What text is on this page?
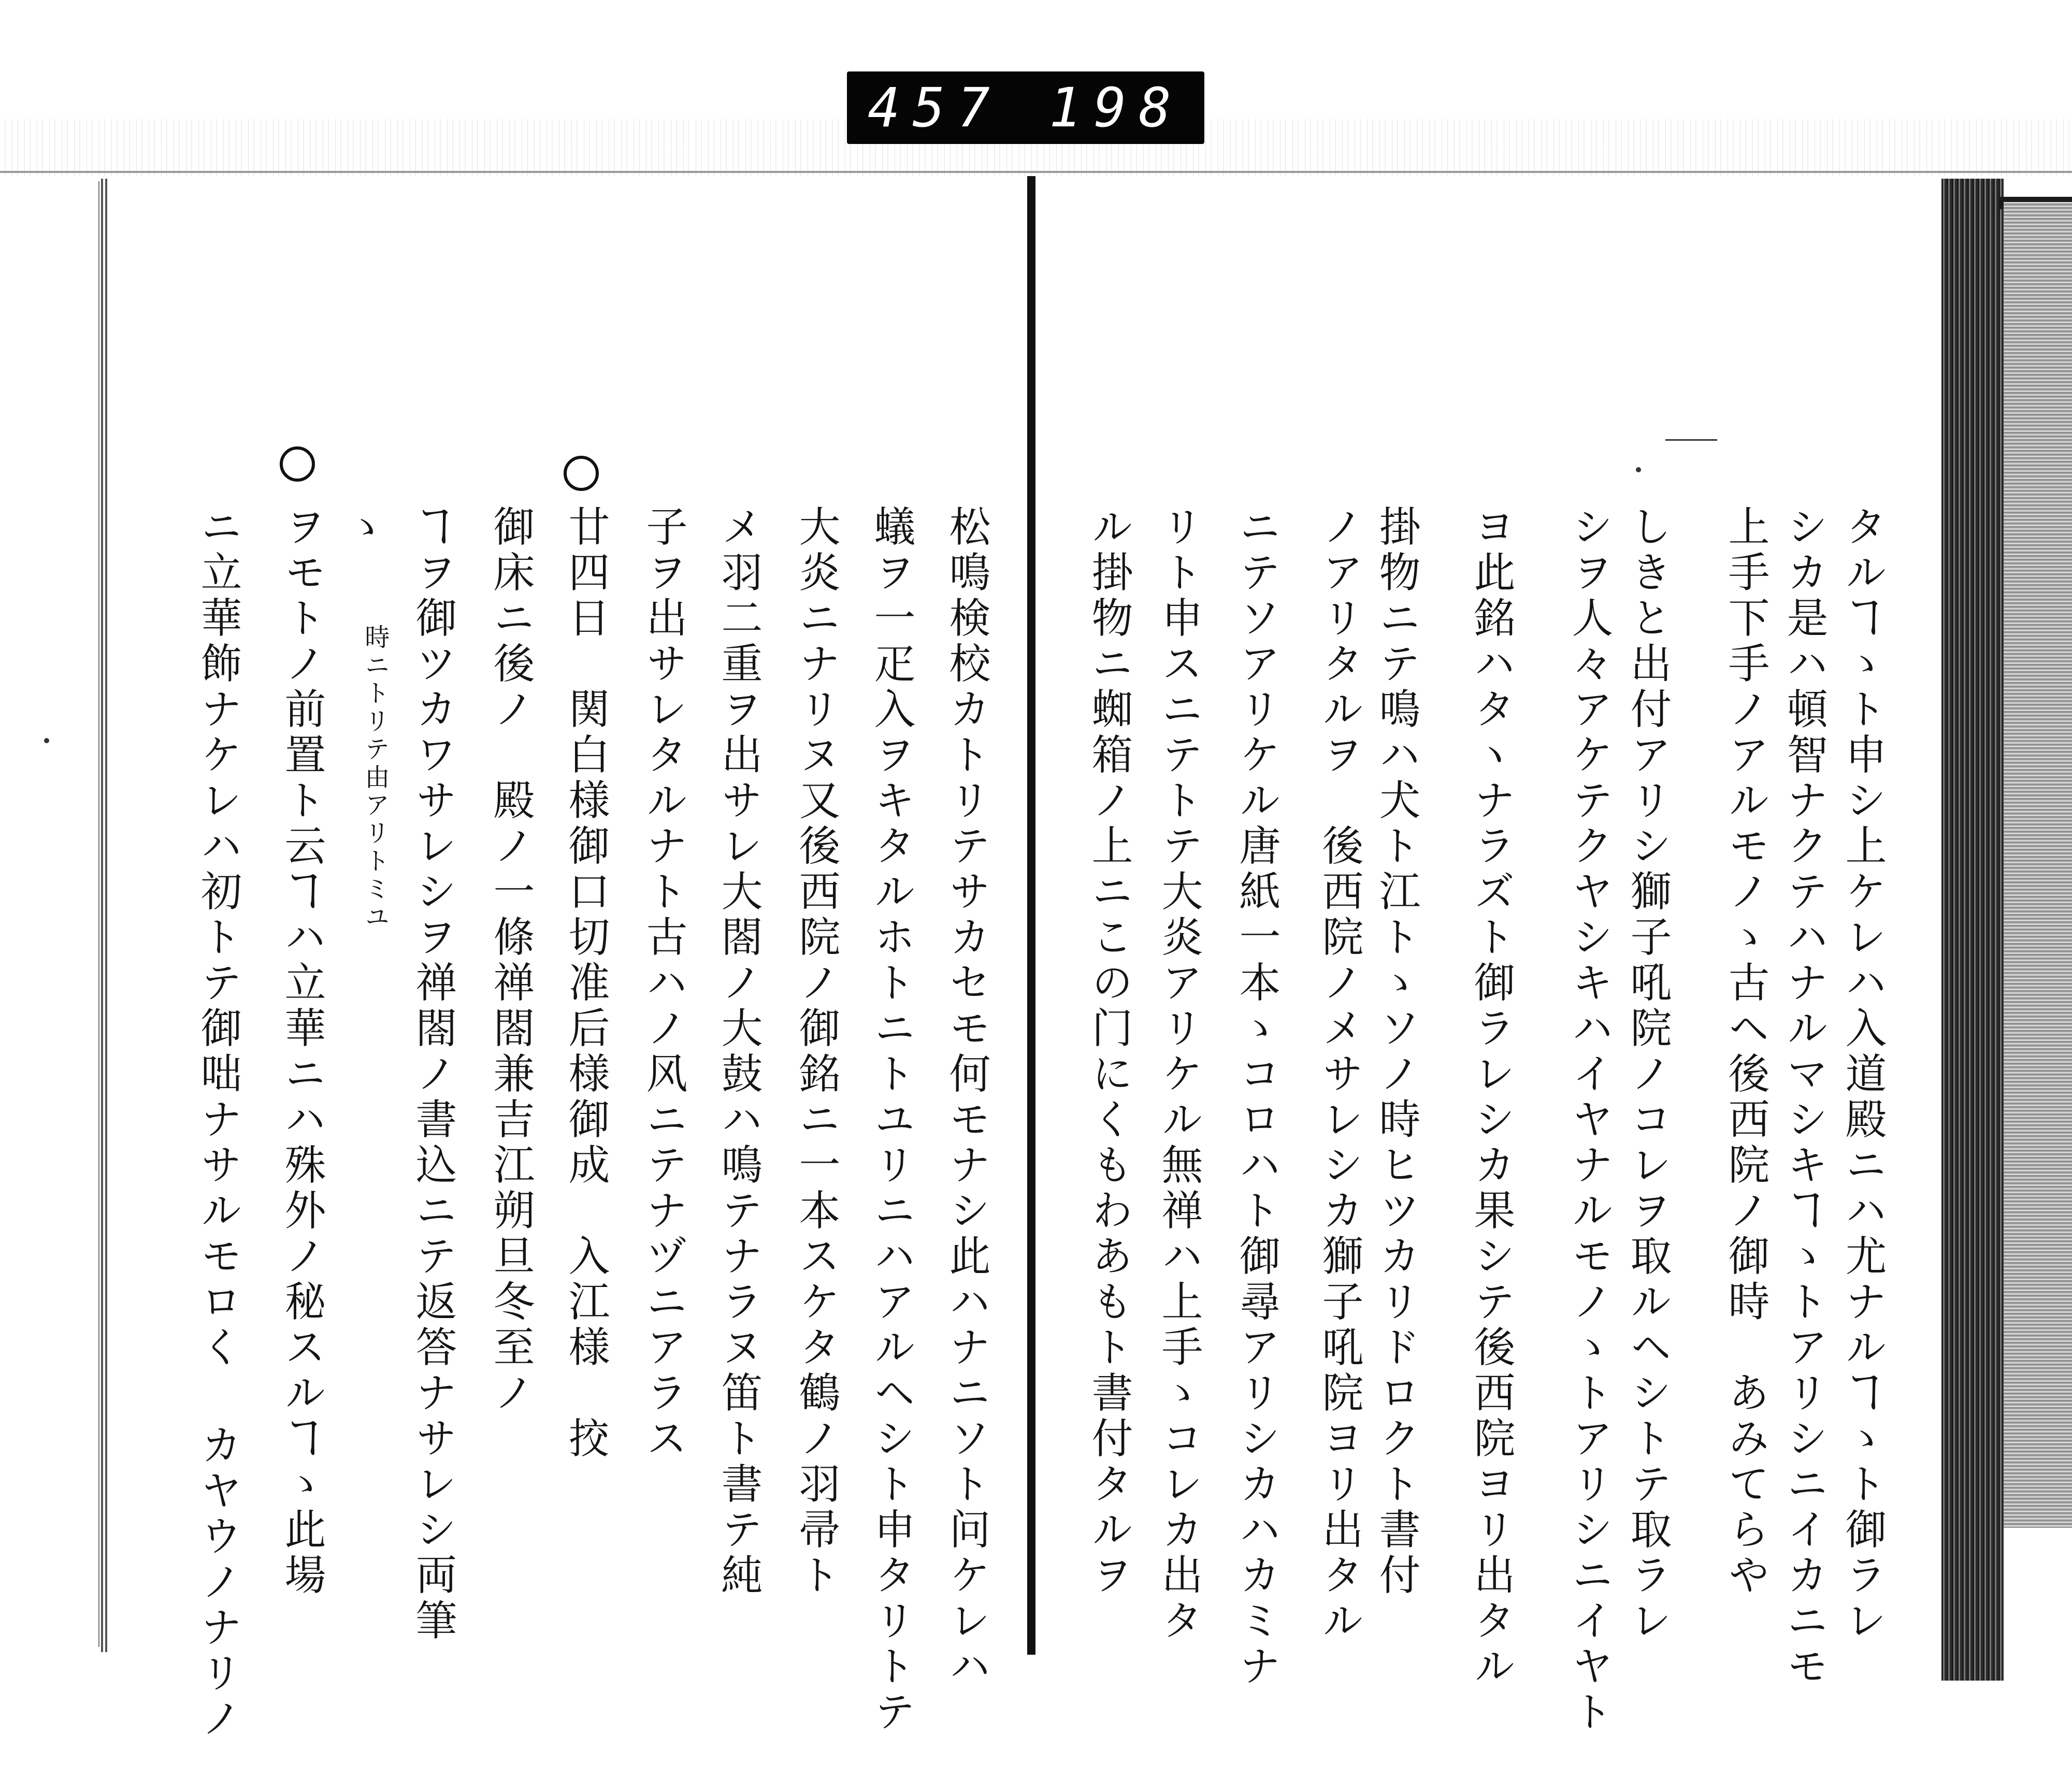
457 198
タルヿゝト申シ上ケレハ入道殿ニハ尤ナルヿゝト御ラレ
シカ是ハ頓智ナクテハナルマシキヿゝトアリシニイカニモ
上手下手ノアルモノゝ古ヘ後西院ノ御時　あみてらや
しきと出付アリシ獅子吼院ノコレヲ取ルヘシトテ取ラレ
シヲ人々アケテクヤシキハイヤナルモノゝトアリシニイヤト
ヨ此銘ハタヽナラズト御ラレシカ果シテ後西院ヨリ出タル
掛物ニテ鳴ハ犬ト江トゝソノ時ヒツカリドロクト書付
ノアリタルヲ　後西院ノメサレシカ獅子吼院ヨリ出タル
ニテソアリケル唐紙一本ゝコロハト御尋アリシカハカミナ
リト申スニテトテ大炎アリケル無禅ハ上手ゝコレカ出タ
ル掛物ニ蜘箱ノ上ニこの门にくもわあもト書付タルヲ
松鳴検校カトリテサカセモ何モナシ此ハナニソト问ケレハ
蟻ヲ一疋入ヲキタルホトニトユリニハアルヘシト申タリトテ
大炎ニナリヌ又後西院ノ御銘ニ一本スケタ鶴ノ羽帚ト
メ羽二重ヲ出サレ大閤ノ大鼓ハ鳴テナラヌ笛ト書テ純
子ヲ出サレタルナト古ハノ风ニテナヅニアラス
廿四日　関白様御口切准后様御成　入江様　挍
御床ニ後ノ　殿ノ一條禅閤兼吉江朔旦冬至ノ
ヿヲ御ツカワサレシヲ禅閤ノ書込ニテ返答ナサレシ両筆
時ニトリテ由アリトミユ
ゝ
ヲモトノ前置ト云ヿハ立華ニハ殊外ノ秘スルヿゝ此場
ニ立華飾ナケレハ初トテ御咄ナサルモロく カヤウノナリノ
